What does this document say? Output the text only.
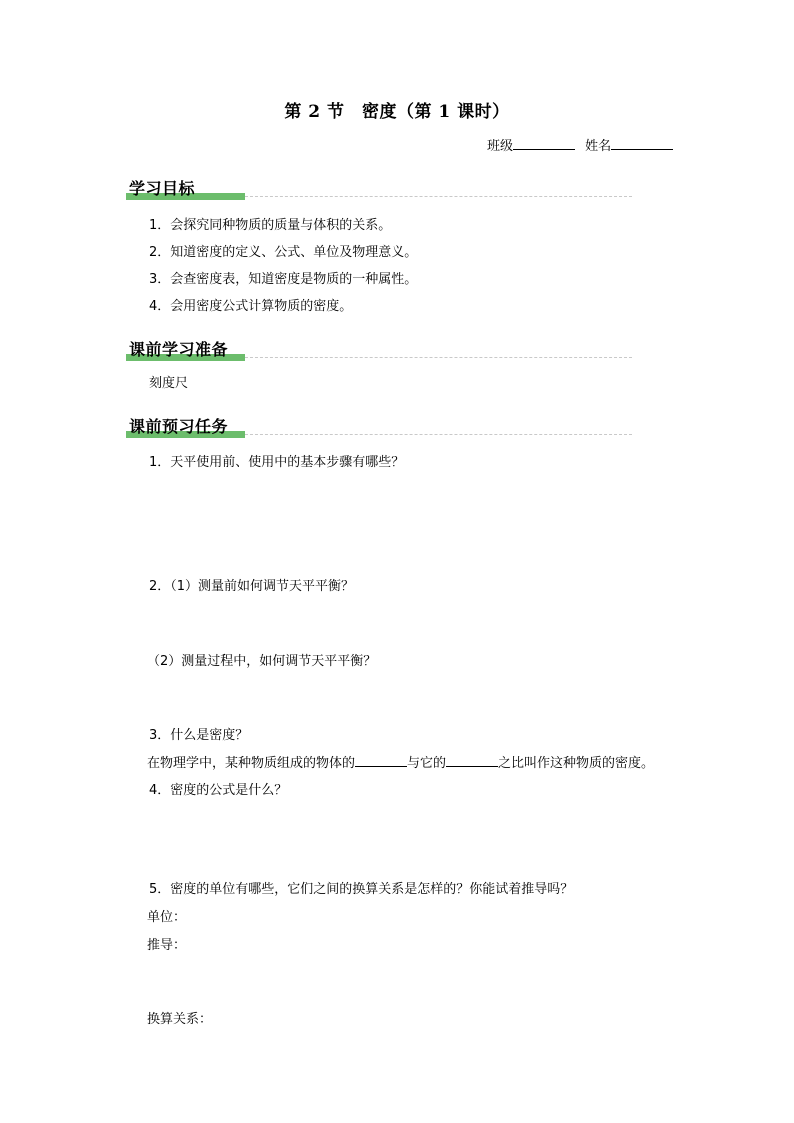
第 2 节　密度（第 1 课时）
班级	姓名
学习目标
1．会探究同种物质的质量与体积的关系。
2．知道密度的定义、公式、单位及物理意义。
3．会查密度表，知道密度是物质的一种属性。
4．会用密度公式计算物质的密度。
课前学习准备
刻度尺
课前预习任务
1．天平使用前、使用中的基本步骤有哪些？
2．（1）测量前如何调节天平平衡？
（2）测量过程中，如何调节天平平衡？
3．什么是密度？
在物理学中，某种物质组成的物体的	与它的	之比叫作这种物质的密度。
4．密度的公式是什么？
5．密度的单位有哪些，它们之间的换算关系是怎样的？你能试着推导吗？
单位：
推导：
换算关系：
